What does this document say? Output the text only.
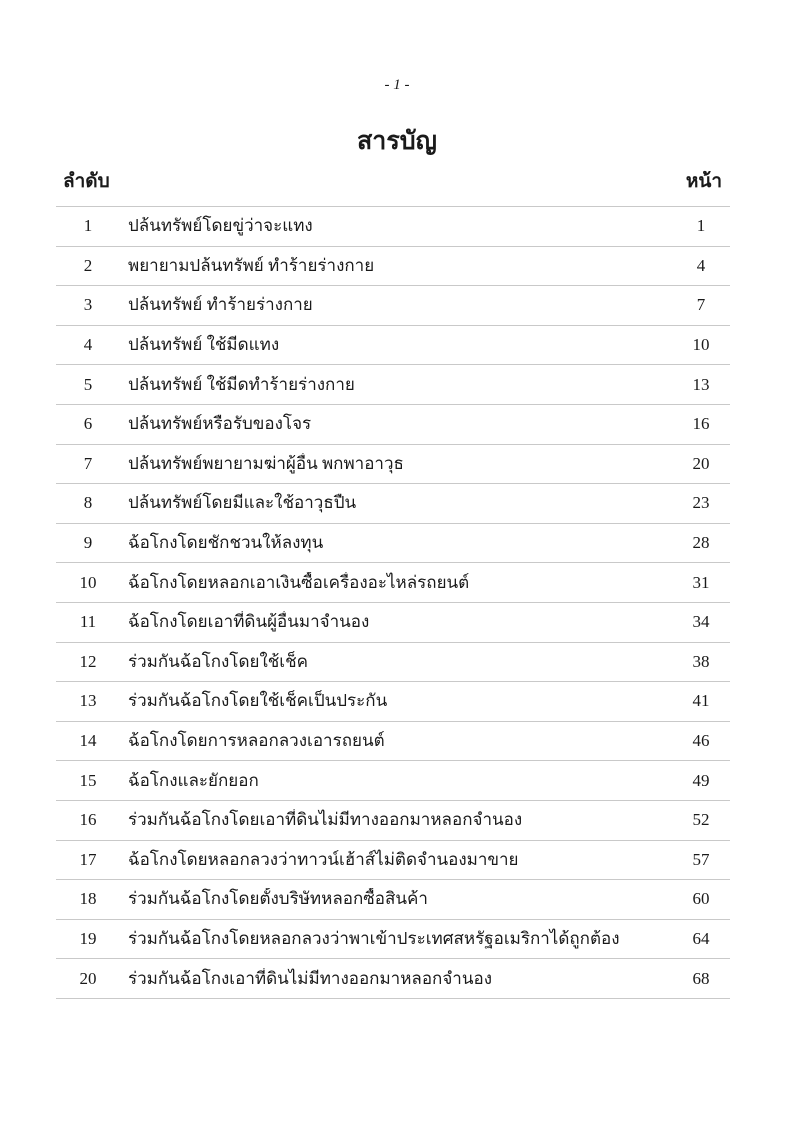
- 1 -
สารบัญ
ลำดับ	หน้า
1	ปล้นทรัพย์โดยขู่ว่าจะแทง	1
2	พยายามปล้นทรัพย์ ทำร้ายร่างกาย	4
3	ปล้นทรัพย์ ทำร้ายร่างกาย	7
4	ปล้นทรัพย์ ใช้มีดแทง	10
5	ปล้นทรัพย์ ใช้มีดทำร้ายร่างกาย	13
6	ปล้นทรัพย์หรือรับของโจร	16
7	ปล้นทรัพย์พยายามฆ่าผู้อื่น พกพาอาวุธ	20
8	ปล้นทรัพย์โดยมีและใช้อาวุธปืน	23
9	ฉ้อโกงโดยชักชวนให้ลงทุน	28
10	ฉ้อโกงโดยหลอกเอาเงินซื้อเครื่องอะไหล่รถยนต์	31
11	ฉ้อโกงโดยเอาที่ดินผู้อื่นมาจำนอง	34
12	ร่วมกันฉ้อโกงโดยใช้เช็ค	38
13	ร่วมกันฉ้อโกงโดยใช้เช็คเป็นประกัน	41
14	ฉ้อโกงโดยการหลอกลวงเอารถยนต์	46
15	ฉ้อโกงและยักยอก	49
16	ร่วมกันฉ้อโกงโดยเอาที่ดินไม่มีทางออกมาหลอกจำนอง	52
17	ฉ้อโกงโดยหลอกลวงว่าทาวน์เฮ้าส์ไม่ติดจำนองมาขาย	57
18	ร่วมกันฉ้อโกงโดยตั้งบริษัทหลอกซื้อสินค้า	60
19	ร่วมกันฉ้อโกงโดยหลอกลวงว่าพาเข้าประเทศสหรัฐอเมริกาได้ถูกต้อง	64
20	ร่วมกันฉ้อโกงเอาที่ดินไม่มีทางออกมาหลอกจำนอง	68
